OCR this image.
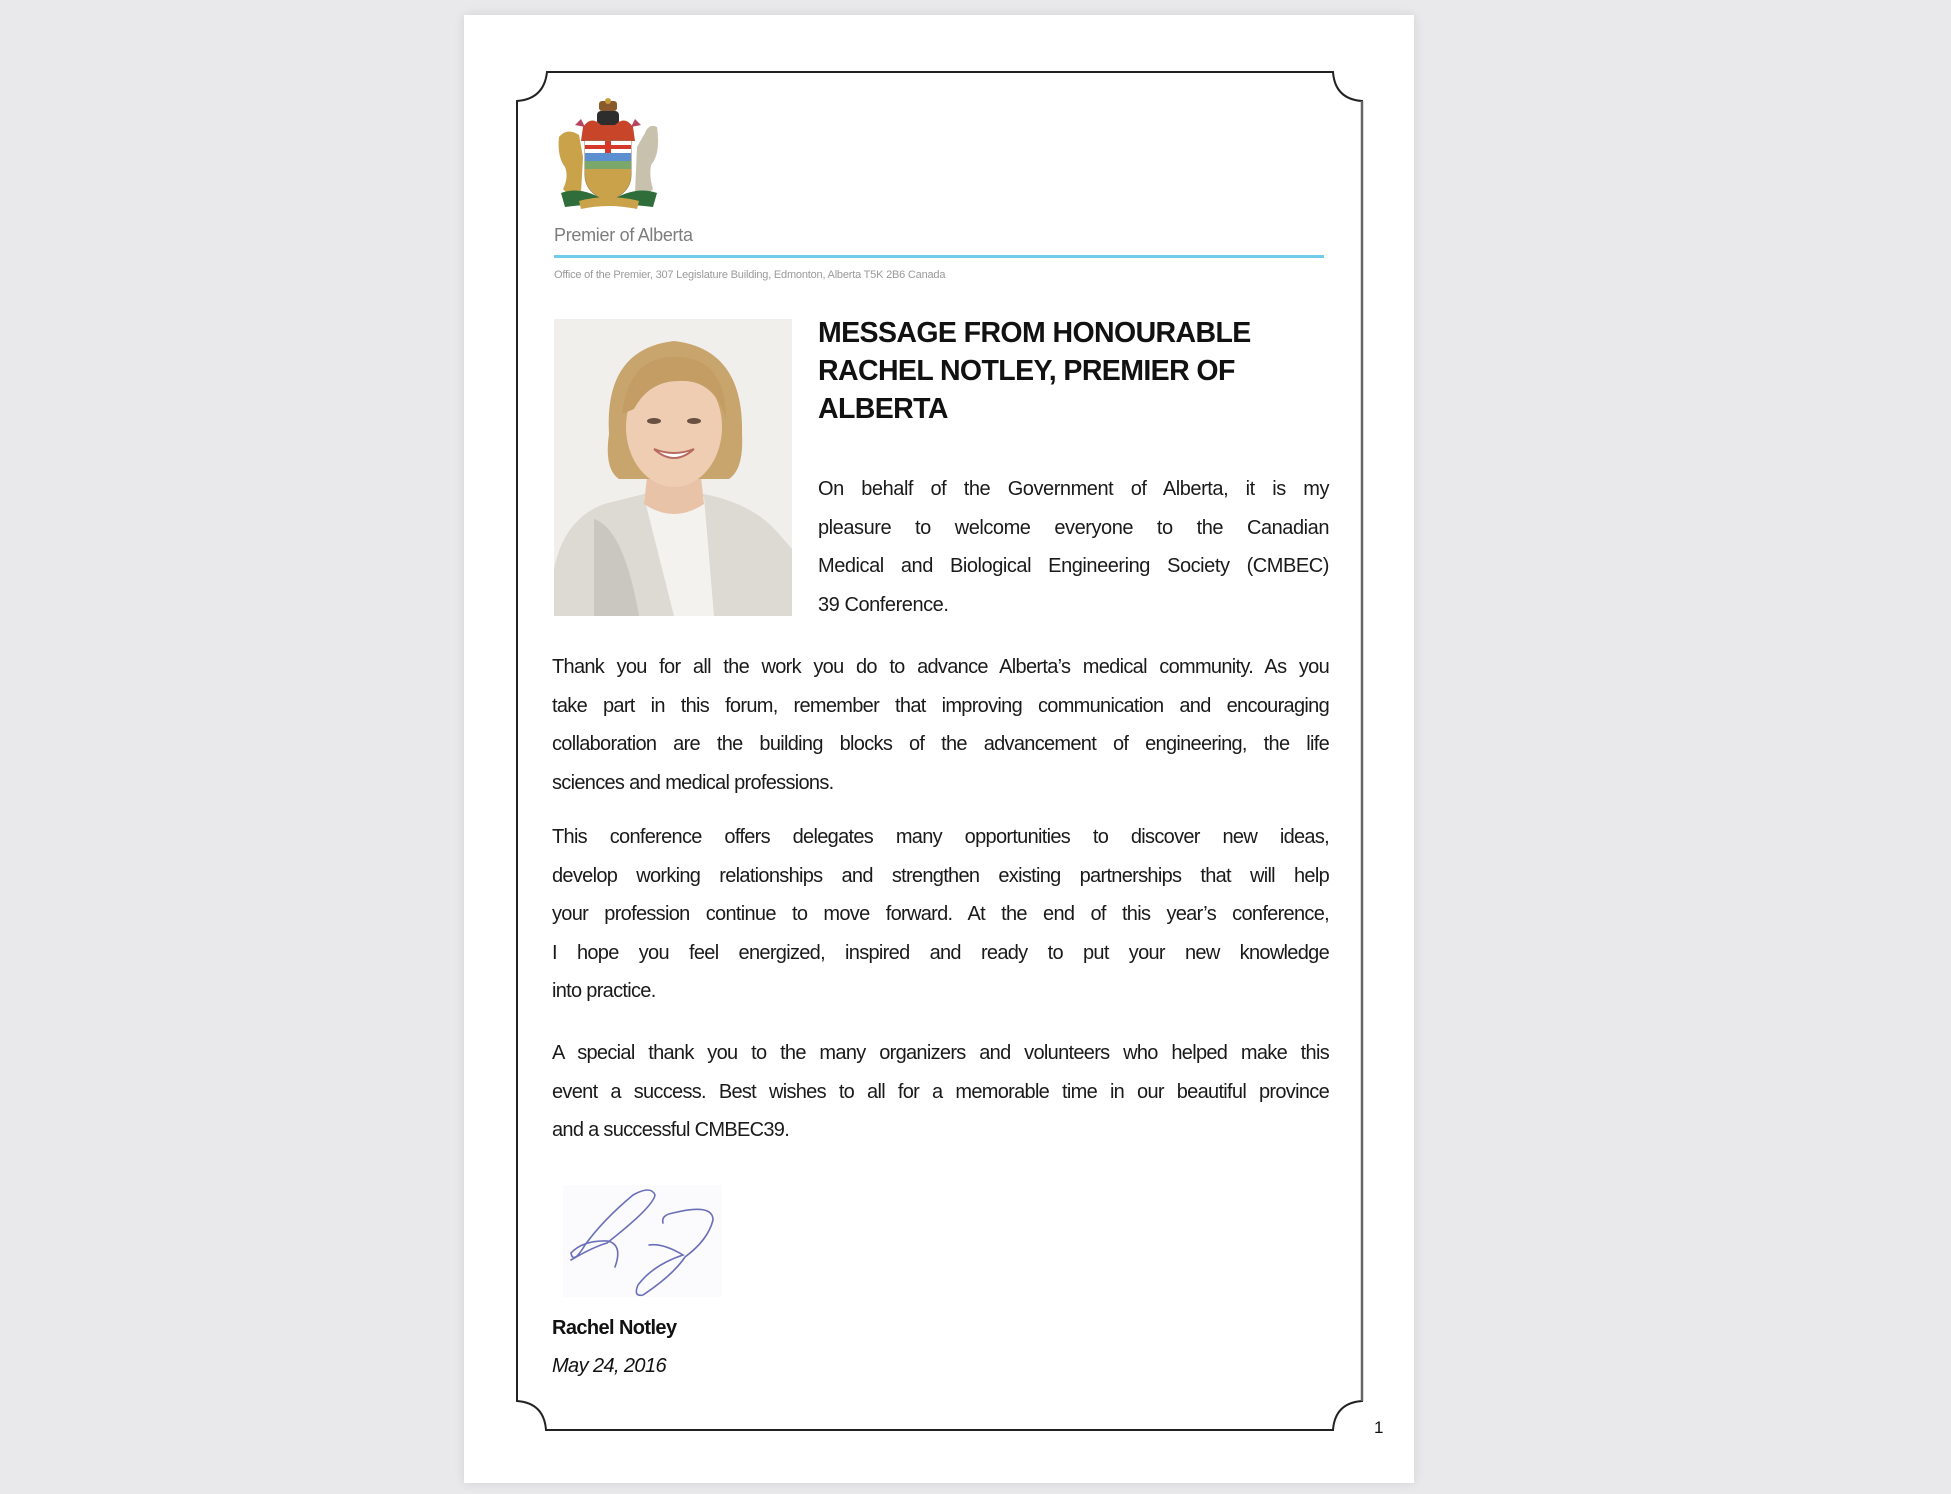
Premier of Alberta
Office of the Premier, 307 Legislature Building, Edmonton, Alberta T5K 2B6 Canada
MESSAGE FROM HONOURABLE
RACHEL NOTLEY, PREMIER OF
ALBERTA
On behalf of the Government of Alberta, it is my
pleasure to welcome everyone to the Canadian
Medical and Biological Engineering Society (CMBEC)
39 Conference.
Thank you for all the work you do to advance Alberta’s medical community. As you
take part in this forum, remember that improving communication and encouraging
collaboration are the building blocks of the advancement of engineering, the life
sciences and medical professions.
This conference offers delegates many opportunities to discover new ideas,
develop working relationships and strengthen existing partnerships that will help
your profession continue to move forward. At the end of this year’s conference,
I hope you feel energized, inspired and ready to put your new knowledge
into practice.
A special thank you to the many organizers and volunteers who helped make this
event a success. Best wishes to all for a memorable time in our beautiful province
and a successful CMBEC39.
Rachel Notley
May 24, 2016
1
